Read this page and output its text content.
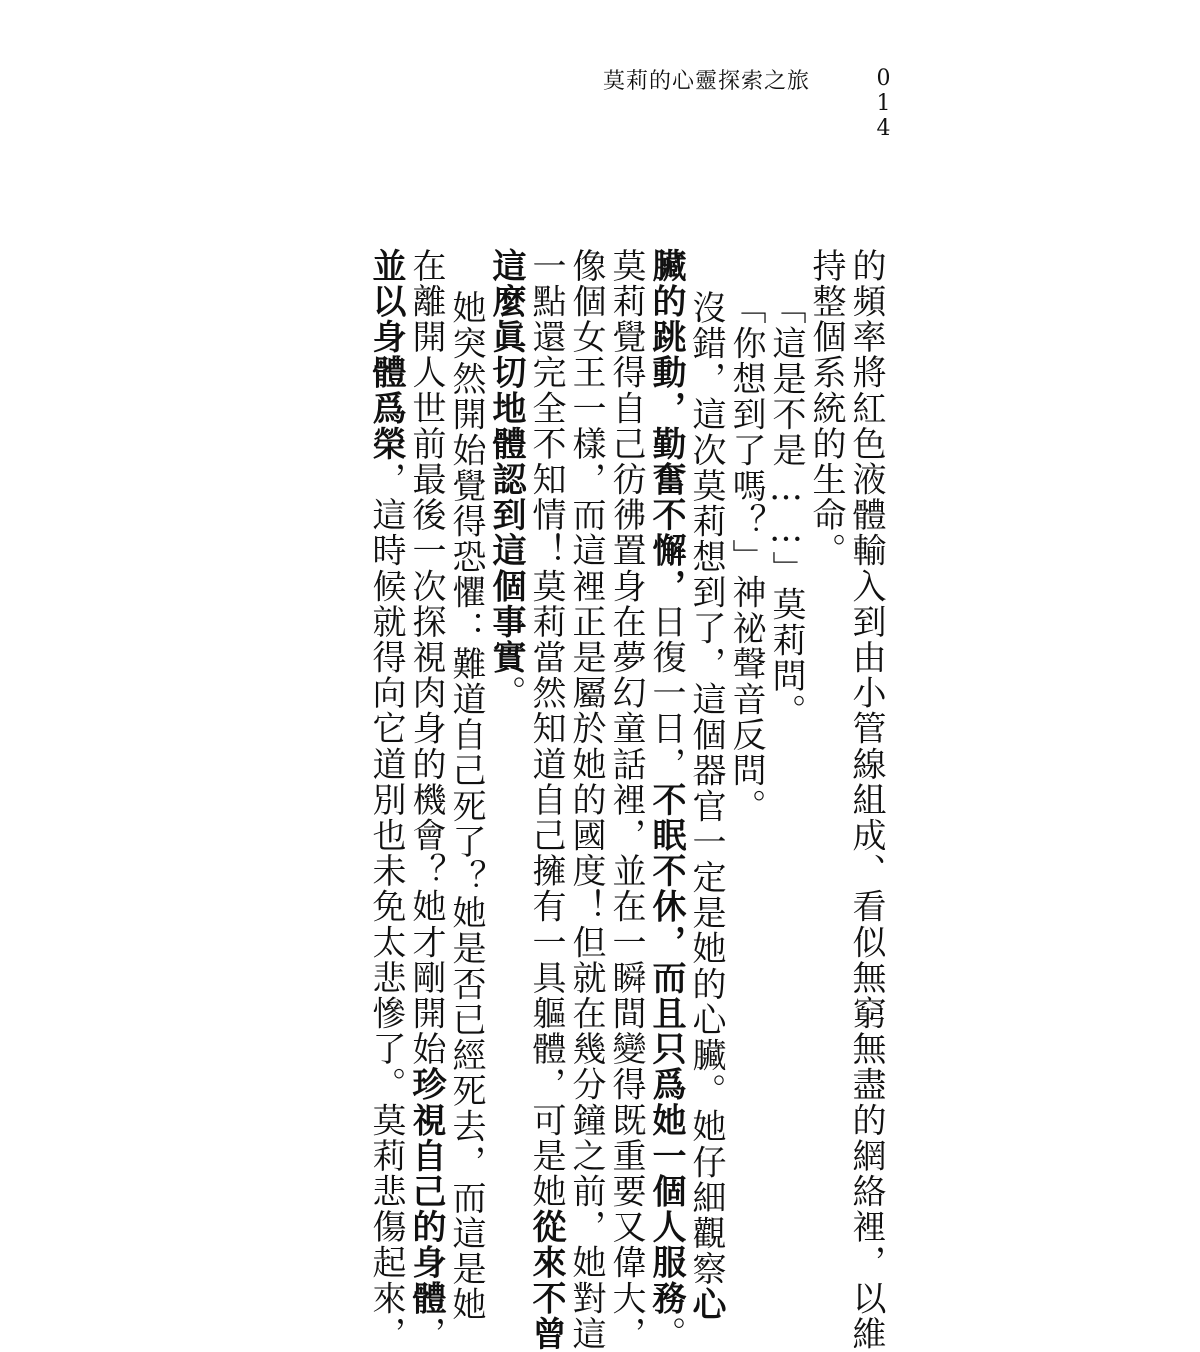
莫莉的心靈探索之旅	014
的頻率將紅色液體輸入到由小管線組成、看似無窮無盡的網絡裡，以維
持整個系統的生命。
「這是不是……」莫莉問。
「你想到了嗎？」神祕聲音反問。
沒錯，這次莫莉想到了，這個器官一定是她的心臟。她仔細觀察心
臟的跳動，勤奮不懈，日復一日，不眠不休，而且只爲她一個人服務。
莫莉覺得自己彷彿置身在夢幻童話裡，並在一瞬間變得既重要又偉大，
像個女王一樣，而這裡正是屬於她的國度！但就在幾分鐘之前，她對這
一點還完全不知情！莫莉當然知道自己擁有一具軀體，可是她從來不曾
這麼眞切地體認到這個事實。
她突然開始覺得恐懼：難道自己死了？她是否已經死去，而這是她
在離開人世前最後一次探視肉身的機會？她才剛開始珍視自己的身體，
並以身體爲榮，這時候就得向它道別也未免太悲慘了。莫莉悲傷起來，
